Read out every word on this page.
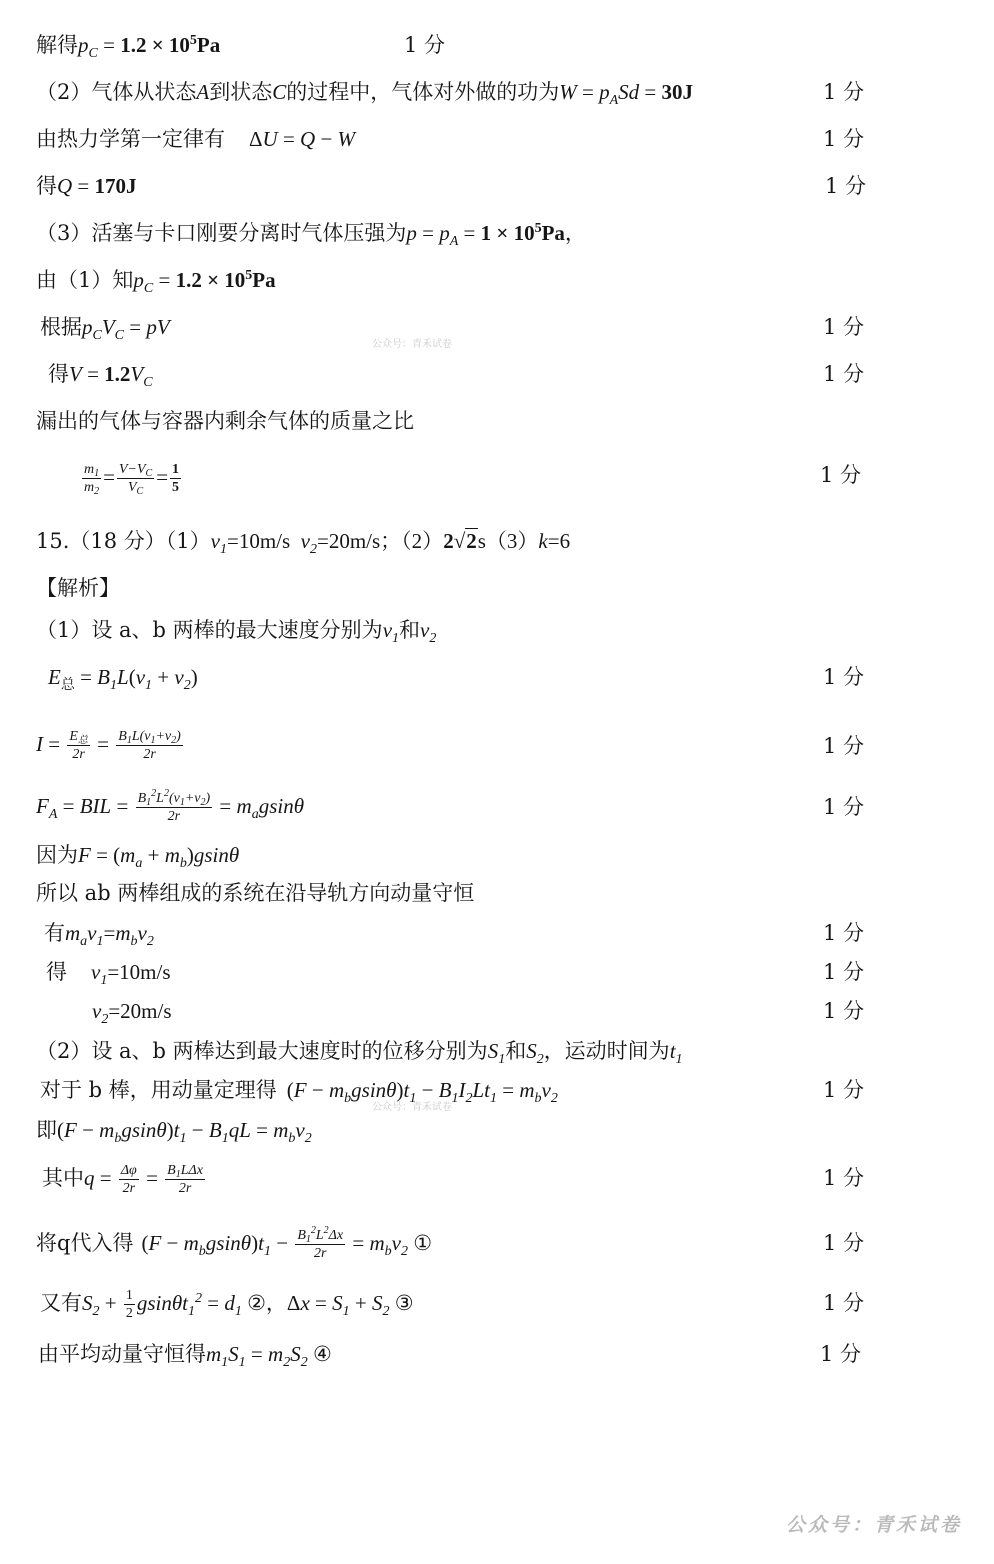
解得$p_C = 1.2 \times 10^5Pa$	1 分
（2）气体从状态A到状态C的过程中，气体对外做的功为$W = p_ASd = 30J$	1 分
由热力学第一定律有 ΔU = Q − W	1 分
得Q = 170J	1 分
（3）活塞与卡口刚要分离时气体压强为$p = p_A = 1 \times 10^5Pa$，
由（1）知$p_C = 1.2 \times 10^5Pa$
根据$p_CV_C$ = pV	1 分
得$V = 1.2V_C$	1 分
漏出的气体与容器内剩余气体的质量之比
$\frac{m_1}{m_2} = \frac{V-V_C}{V_C} = \frac{1}{5}$	1 分
15.（18 分）$(1)v_1=10m/s$  $v_2=20m/s$；（2）2√2s（3）k=6
【解析】
（1）设 a、b 两棒的最大速度分别为$v_1$和$v_2$
$E_总 = B_1L(v_1 + v_2)$	1 分
$I = \frac{E_总}{2r} = \frac{B_1L(v_1+v_2)}{2r}$	1 分
$F_A$ = BIL = $\frac{B_1^2L^2(v_1+v_2)}{2r} = m_agsin\theta$	1 分
因为$F = (m_a + m_b)gsin\theta$
所以 ab 两棒组成的系统在沿导轨方向动量守恒
有$m_av_1=m_bv_2$	1 分
得 $v_1=10m/s$	1 分
$v_2=20m/s$	1 分
（2）设 a、b 两棒达到最大速度时的位移分别为$S_1$和$S_2$，运动时间为$t_1$
对于 b 棒，用动量定理得 $(F - m_bgsin\theta)t_1 - B_1I_2Lt_1 = m_bv_2$	1 分
即$(F - m_bgsin\theta)t_1 - B_1qL = m_bv_2$
其中$q = \frac{\Delta\varphi}{2r} = \frac{B_1L\Delta x}{2r}$	1 分
将q代入得 $(F - m_bgsin\theta)t_1 - \frac{B_1^2L^2\Delta x}{2r} = m_bv_2$ ①	1 分
又有$S_2 + \frac{1}{2} gsin\theta t_1^2 = d_1$ ②，$\Delta x = S_1 + S_2$ ③	1 分
由平均动量守恒得$m_1S_1 = m_2S_2$ ④	1 分
公众号：青禾试卷
公众号：青禾试卷
公众号：青禾试卷
